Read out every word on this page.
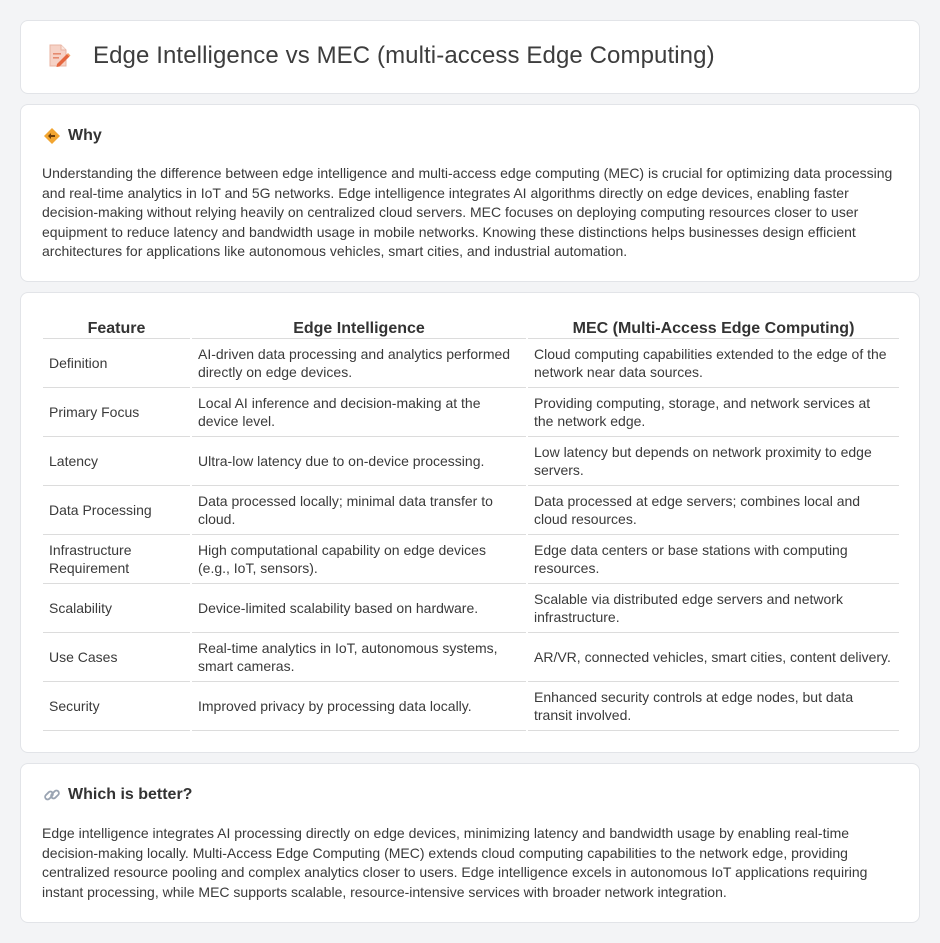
Edge Intelligence vs MEC (multi-access Edge Computing)
Why

Understanding the difference between edge intelligence and multi-access edge computing (MEC) is crucial for optimizing data processing and real-time analytics in IoT and 5G networks. Edge intelligence integrates AI algorithms directly on edge devices, enabling faster decision-making without relying heavily on centralized cloud servers. MEC focuses on deploying computing resources closer to user equipment to reduce latency and bandwidth usage in mobile networks. Knowing these distinctions helps businesses design efficient architectures for applications like autonomous vehicles, smart cities, and industrial automation.

Feature	Edge Intelligence	MEC (Multi-Access Edge Computing)
Definition	AI-driven data processing and analytics performed directly on edge devices.	Cloud computing capabilities extended to the edge of the network near data sources.
Primary Focus	Local AI inference and decision-making at the device level.	Providing computing, storage, and network services at the network edge.
Latency	Ultra-low latency due to on-device processing.	Low latency but depends on network proximity to edge servers.
Data Processing	Data processed locally; minimal data transfer to cloud.	Data processed at edge servers; combines local and cloud resources.
Infrastructure Requirement	High computational capability on edge devices (e.g., IoT, sensors).	Edge data centers or base stations with computing resources.
Scalability	Device-limited scalability based on hardware.	Scalable via distributed edge servers and network infrastructure.
Use Cases	Real-time analytics in IoT, autonomous systems, smart cameras.	AR/VR, connected vehicles, smart cities, content delivery.
Security	Improved privacy by processing data locally.	Enhanced security controls at edge nodes, but data transit involved.
Which is better?

Edge intelligence integrates AI processing directly on edge devices, minimizing latency and bandwidth usage by enabling real-time decision-making locally. Multi-Access Edge Computing (MEC) extends cloud computing capabilities to the network edge, providing centralized resource pooling and complex analytics closer to users. Edge intelligence excels in autonomous IoT applications requiring instant processing, while MEC supports scalable, resource-intensive services with broader network integration.
